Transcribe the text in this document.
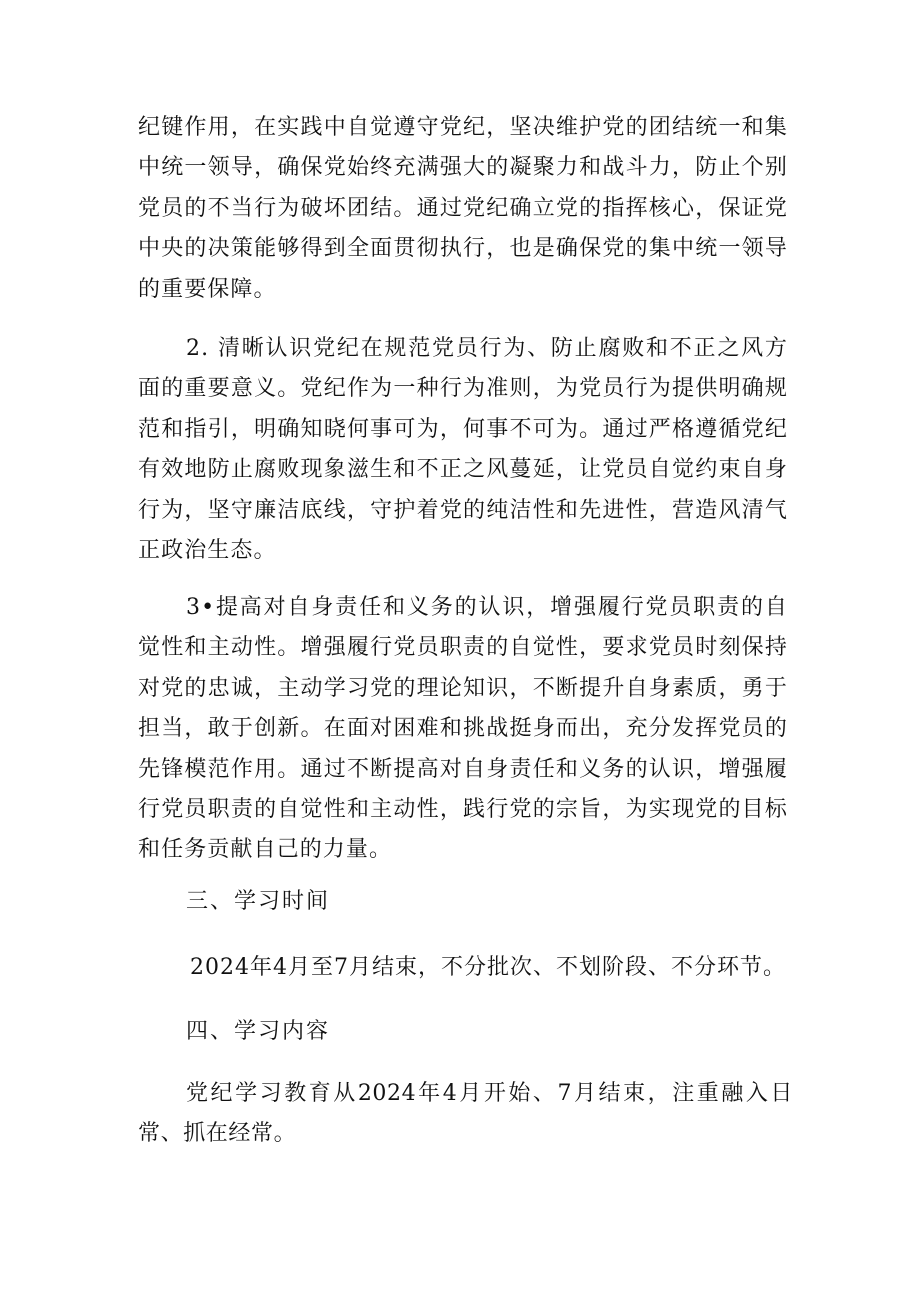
纪键作用，在实践中自觉遵守党纪，坚决维护党的团结统一和集中统一领导，确保党始终充满强大的凝聚力和战斗力，防止个别党员的不当行为破坏团结。通过党纪确立党的指挥核心，保证党中央的决策能够得到全面贯彻执行，也是确保党的集中统一领导的重要保障。

2. 清晰认识党纪在规范党员行为、防止腐败和不正之风方面的重要意义。党纪作为一种行为准则，为党员行为提供明确规范和指引，明确知晓何事可为，何事不可为。通过严格遵循党纪有效地防止腐败现象滋生和不正之风蔓延，让党员自觉约束自身行为，坚守廉洁底线，守护着党的纯洁性和先进性，营造风清气正政治生态。

3•提高对自身责任和义务的认识，增强履行党员职责的自觉性和主动性。增强履行党员职责的自觉性，要求党员时刻保持对党的忠诚，主动学习党的理论知识，不断提升自身素质，勇于担当，敢于创新。在面对困难和挑战挺身而出，充分发挥党员的先锋模范作用。通过不断提高对自身责任和义务的认识，增强履行党员职责的自觉性和主动性，践行党的宗旨，为实现党的目标和任务贡献自己的力量。

三、学习时间

2024年4月至7月结束，不分批次、不划阶段、不分环节。

四、学习内容

党纪学习教育从2024年4月开始、7月结束，注重融入日常、抓在经常。
